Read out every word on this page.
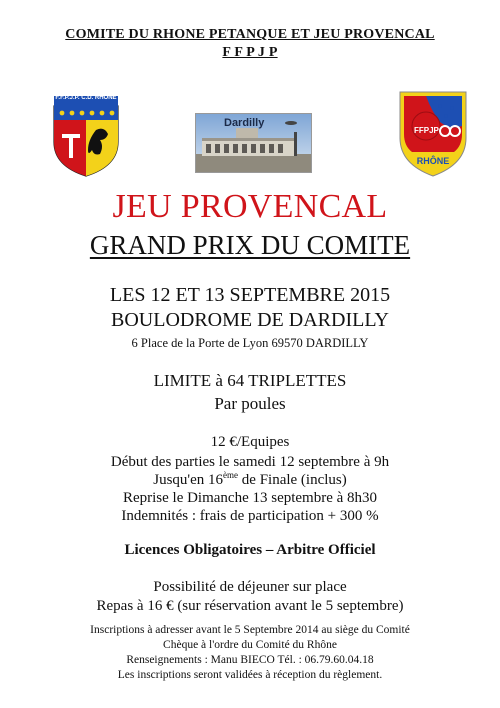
COMITE DU RHONE PETANQUE ET JEU PROVENCAL
F F P J P
F.F.P.J.P. C.D. RHONE
Dardilly
FFPJP
RHÔNE
JEU PROVENCAL
GRAND PRIX DU COMITE
LES 12 ET 13 SEPTEMBRE 2015
BOULODROME DE DARDILLY
6 Place de la Porte de Lyon 69570 DARDILLY
LIMITE à 64 TRIPLETTES
Par poules
12 €/Equipes
Début des parties le samedi 12 septembre à 9h
Jusqu'en 16ème de Finale (inclus)
Reprise le Dimanche 13 septembre à 8h30
Indemnités : frais de participation + 300 %
Licences Obligatoires – Arbitre Officiel
Possibilité de déjeuner sur place
Repas à 16 € (sur réservation avant le 5 septembre)
Inscriptions à adresser avant le 5 Septembre 2014 au siège du Comité
Chèque à l'ordre du Comité du Rhône
Renseignements : Manu BIECO Tél. : 06.79.60.04.18
Les inscriptions seront validées à réception du règlement.
